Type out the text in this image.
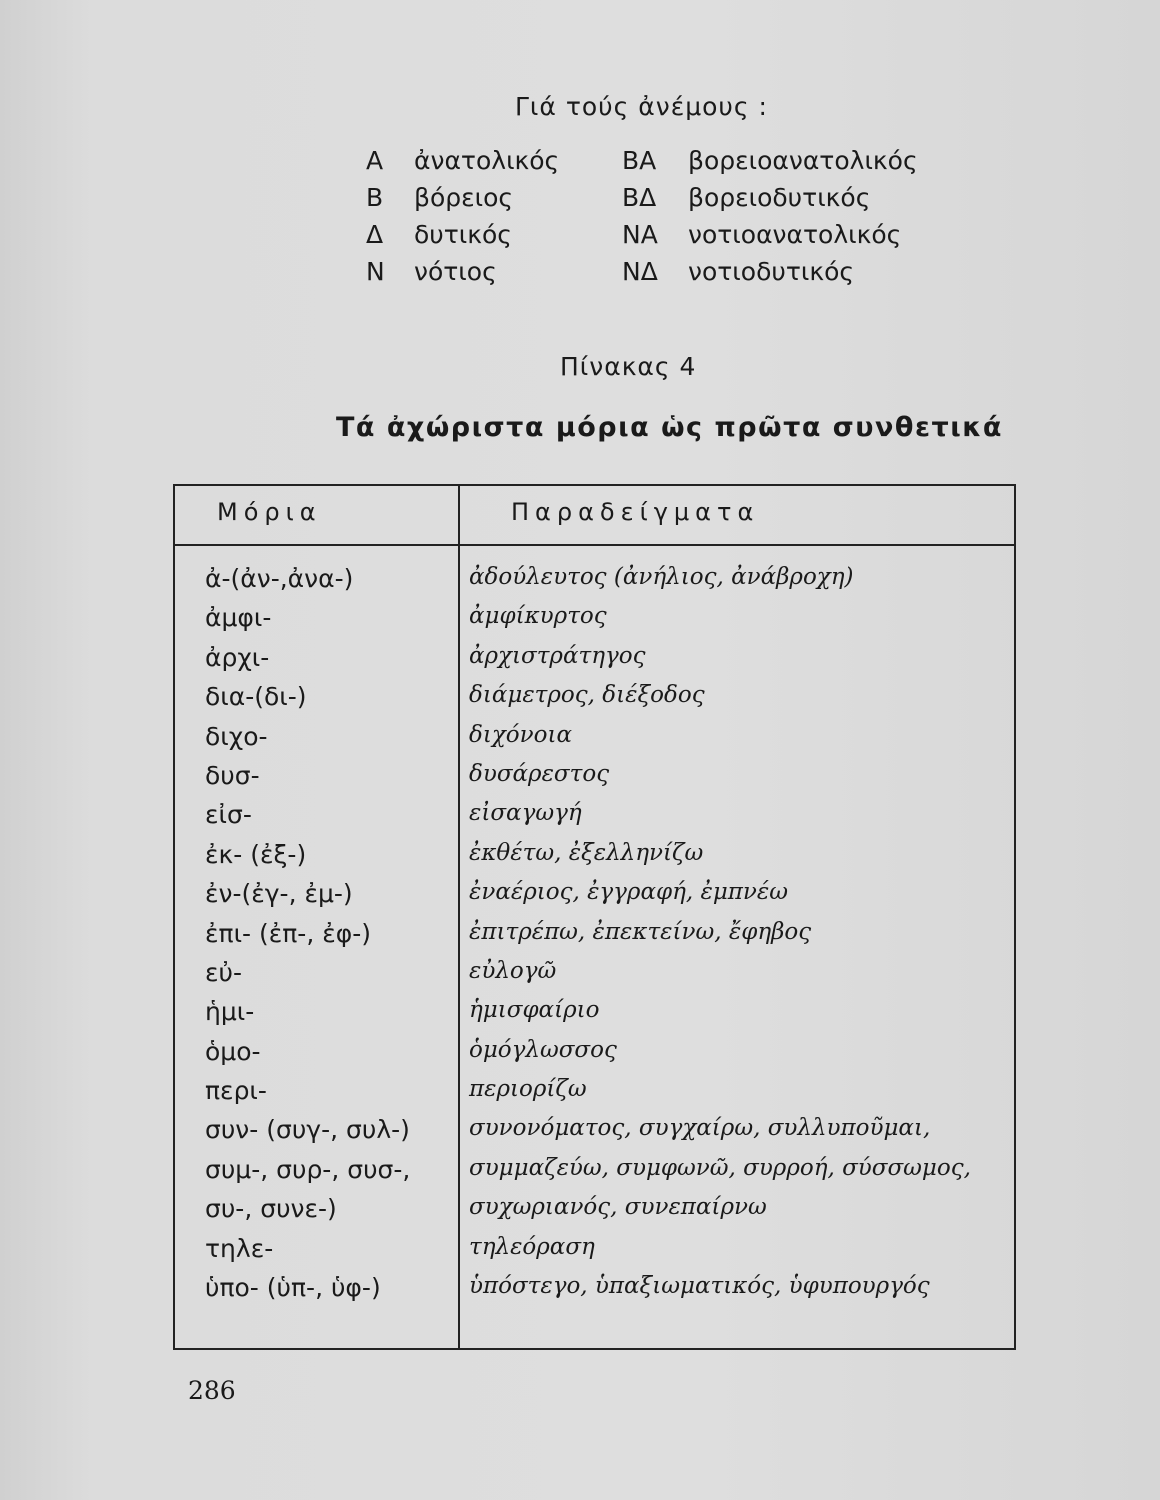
Γιά τούς ἀνέμους :
Α ἀνατολικός	ΒΑ βορειοανατολικός
Β βόρειος	ΒΔ βορειοδυτικός
Δ δυτικός	ΝΑ νοτιοανατολικός
Ν νότιος	ΝΔ νοτιοδυτικός
Πίνακας 4
Τά ἀχώριστα μόρια ὡς πρῶτα συνθετικά
Μόρια	Παραδείγματα
ἀ-(ἀν-,ἀνα-)	ἀδούλευτος (ἀνήλιος, ἀνάβροχη)
ἀμφι-	ἀμφίκυρτος
ἀρχι-	ἀρχιστράτηγος
δια-(δι-)	διάμετρος, διέξοδος
διχο-	διχόνοια
δυσ-	δυσάρεστος
εἰσ-	εἰσαγωγή
ἐκ- (ἐξ-)	ἐκθέτω, ἐξελληνίζω
ἐν-(ἐγ-, ἐμ-)	ἐναέριος, ἐγγραφή, ἐμπνέω
ἐπι- (ἐπ-, ἐφ-)	ἐπιτρέπω, ἐπεκτείνω, ἔφηβος
εὐ-	εὐλογῶ
ἡμι-	ἡμισφαίριο
ὁμο-	ὁμόγλωσσος
περι-	περιορίζω
συν- (συγ-, συλ-)	συνονόματος, συγχαίρω, συλλυποῦμαι,
συμ-, συρ-, συσ-,	συμμαζεύω, συμφωνῶ, συρροή, σύσσωμος,
συ-, συνε-)	συχωριανός, συνεπαίρνω
τηλε-	τηλεόραση
ὑπο- (ὑπ-, ὑφ-)	ὑπόστεγο, ὑπαξιωματικός, ὑφυπουργός
286
